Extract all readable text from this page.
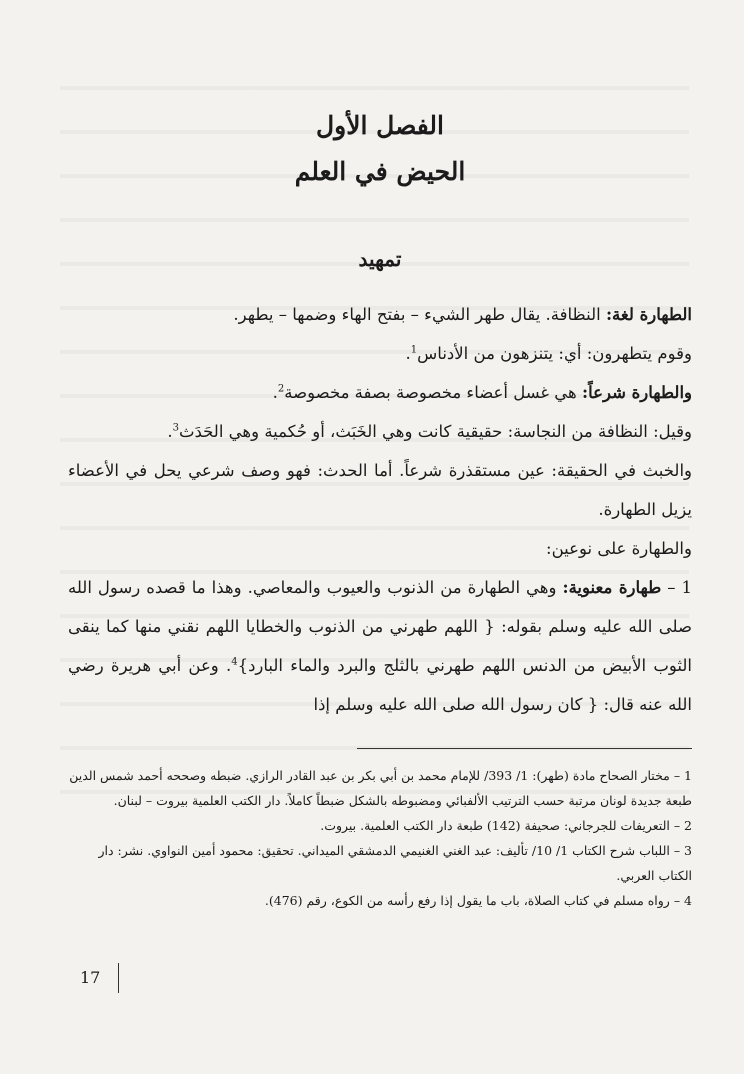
الفصل الأول
الحيض في العلم
تمهيد

الطهارة لغة: النظافة. يقال طهر الشيء – بفتح الهاء وضمها – يطهر.

وقوم يتطهرون: أي: يتنزهون من الأدناس$^1$.

والطهارة شرعاً: هي غسل أعضاء مخصوصة بصفة مخصوصة$^2$.

وقيل: النظافة من النجاسة: حقيقية كانت وهي الخَبَث، أو حُكمية وهي الحَدَث$^3$.

والخبث في الحقيقة: عين مستقذرة شرعاً. أما الحدث: فهو وصف شرعي يحل في الأعضاء يزيل الطهارة.

والطهارة على نوعين:

1 – طهارة معنوية: وهي الطهارة من الذنوب والعيوب والمعاصي. وهذا ما قصده رسول الله صلى الله عليه وسلم بقوله: { اللهم طهرني من الذنوب والخطايا اللهم نقني منها كما ينقى الثوب الأبيض من الدنس اللهم طهرني بالثلج والبرد والماء البارد}$^4$. وعن أبي هريرة رضي الله عنه قال: { كان رسول الله صلى الله عليه وسلم إذا

1 – مختار الصحاح مادة (طهر): 1/ 393/ للإمام محمد بن أبي بكر بن عبد القادر الرازي. ضبطه وصححه أحمد شمس الدين طبعة جديدة لونان مرتبة حسب الترتيب الألفبائي ومضبوطه بالشكل ضبطاً كاملاً. دار الكتب العلمية بيروت – لبنان.

2 – التعريفات للجرجاني: صحيفة (142) طبعة دار الكتب العلمية. بيروت.

3 – اللباب شرح الكتاب 1/ 10/ تأليف: عبد الغني الغنيمي الدمشقي الميداني. تحقيق: محمود أمين النواوي. نشر: دار الكتاب العربي.

4 – رواه مسلم في كتاب الصلاة، باب ما يقول إذا رفع رأسه من الكوع، رقم (476).

17
